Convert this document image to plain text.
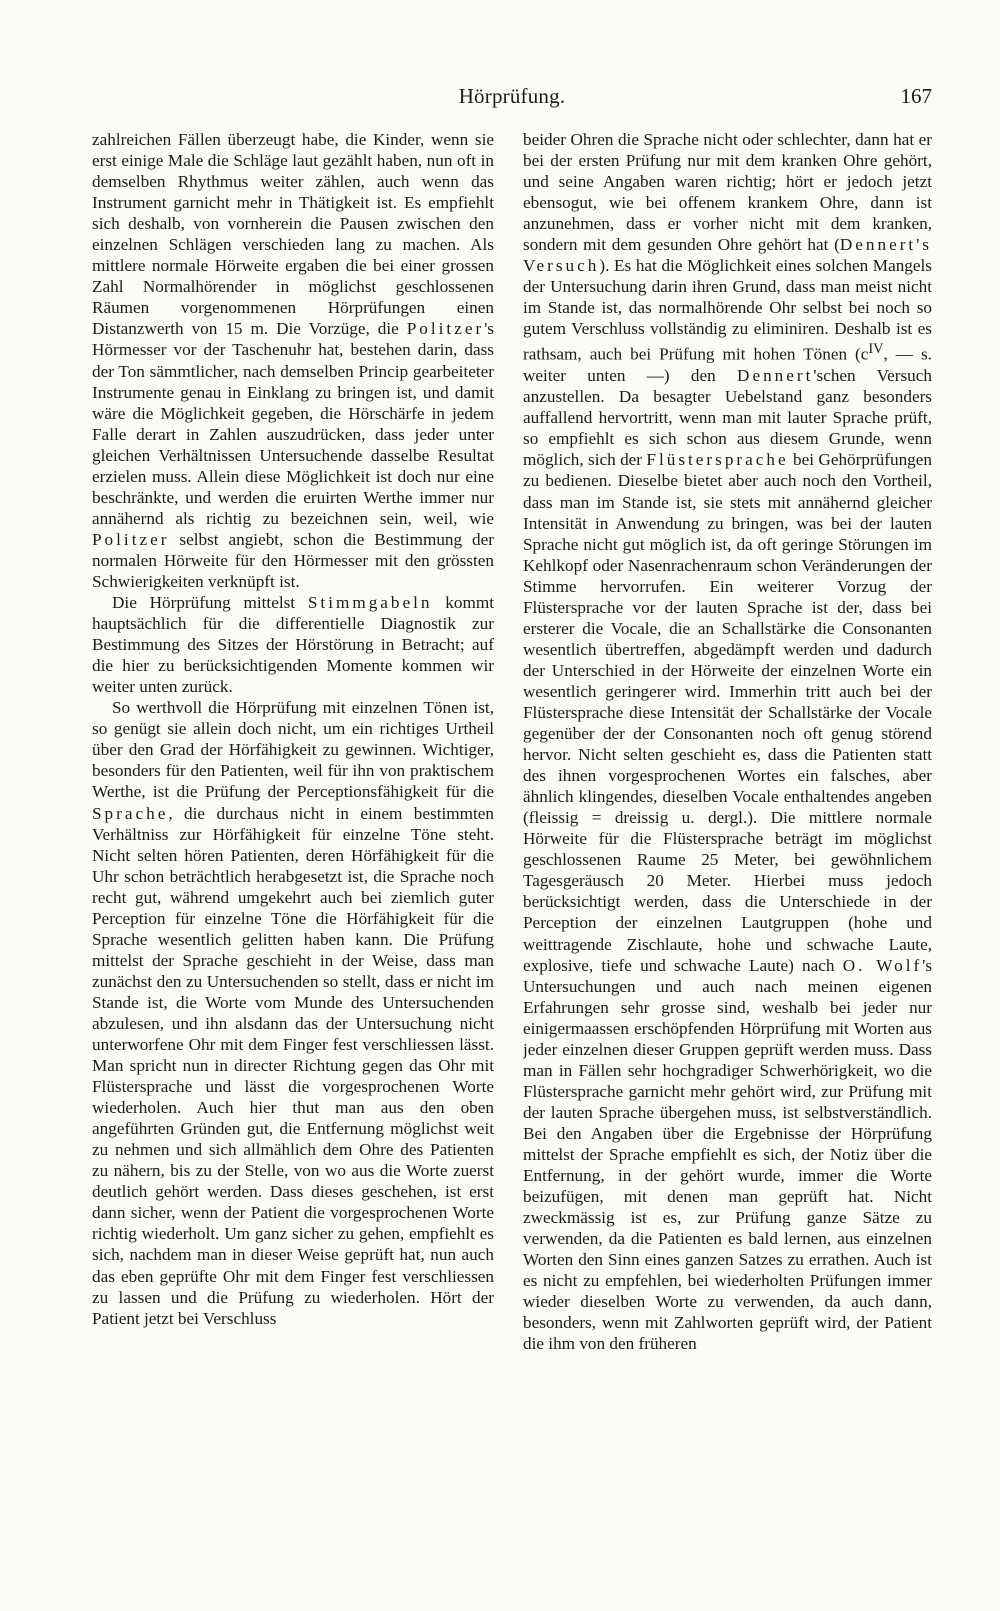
Hörprüfung.	167

zahlreichen Fällen überzeugt habe, die Kinder, wenn sie erst einige Male die Schläge laut gezählt haben, nun oft in demselben Rhythmus weiter zählen, auch wenn das Instrument garnicht mehr in Thätigkeit ist. Es empfiehlt sich deshalb, von vornherein die Pausen zwischen den einzelnen Schlägen verschieden lang zu machen. Als mittlere normale Hörweite ergaben die bei einer grossen Zahl Normalhörender in möglichst geschlossenen Räumen vorgenommenen Hörprüfungen einen Distanzwerth von 15 m. Die Vorzüge, die Politzer's Hörmesser vor der Taschenuhr hat, bestehen darin, dass der Ton sämmtlicher, nach demselben Princip gearbeiteter Instrumente genau in Einklang zu bringen ist, und damit wäre die Möglichkeit gegeben, die Hörschärfe in jedem Falle derart in Zahlen auszudrücken, dass jeder unter gleichen Verhältnissen Untersuchende dasselbe Resultat erzielen muss. Allein diese Möglichkeit ist doch nur eine beschränkte, und werden die eruirten Werthe immer nur annähernd als richtig zu bezeichnen sein, weil, wie Politzer selbst angiebt, schon die Bestimmung der normalen Hörweite für den Hörmesser mit den grössten Schwierigkeiten verknüpft ist.

Die Hörprüfung mittelst Stimmgabeln kommt hauptsächlich für die differentielle Diagnostik zur Bestimmung des Sitzes der Hörstörung in Betracht; auf die hier zu berücksichtigenden Momente kommen wir weiter unten zurück.

So werthvoll die Hörprüfung mit einzelnen Tönen ist, so genügt sie allein doch nicht, um ein richtiges Urtheil über den Grad der Hörfähigkeit zu gewinnen. Wichtiger, besonders für den Patienten, weil für ihn von praktischem Werthe, ist die Prüfung der Perceptionsfähigkeit für die Sprache, die durchaus nicht in einem bestimmten Verhältniss zur Hörfähigkeit für einzelne Töne steht. Nicht selten hören Patienten, deren Hörfähigkeit für die Uhr schon beträchtlich herabgesetzt ist, die Sprache noch recht gut, während umgekehrt auch bei ziemlich guter Perception für einzelne Töne die Hörfähigkeit für die Sprache wesentlich gelitten haben kann. Die Prüfung mittelst der Sprache geschieht in der Weise, dass man zunächst den zu Untersuchenden so stellt, dass er nicht im Stande ist, die Worte vom Munde des Untersuchenden abzulesen, und ihn alsdann das der Untersuchung nicht unterworfene Ohr mit dem Finger fest verschliessen lässt. Man spricht nun in directer Richtung gegen das Ohr mit Flüstersprache und lässt die vorgesprochenen Worte wiederholen. Auch hier thut man aus den oben angeführten Gründen gut, die Entfernung möglichst weit zu nehmen und sich allmählich dem Ohre des Patienten zu nähern, bis zu der Stelle, von wo aus die Worte zuerst deutlich gehört werden. Dass dieses geschehen, ist erst dann sicher, wenn der Patient die vorgesprochenen Worte richtig wiederholt. Um ganz sicher zu gehen, empfiehlt es sich, nachdem man in dieser Weise geprüft hat, nun auch das eben geprüfte Ohr mit dem Finger fest verschliessen zu lassen und die Prüfung zu wiederholen. Hört der Patient jetzt bei Verschluss

beider Ohren die Sprache nicht oder schlechter, dann hat er bei der ersten Prüfung nur mit dem kranken Ohre gehört, und seine Angaben waren richtig; hört er jedoch jetzt ebensogut, wie bei offenem krankem Ohre, dann ist anzunehmen, dass er vorher nicht mit dem kranken, sondern mit dem gesunden Ohre gehört hat (Dennert's Versuch). Es hat die Möglichkeit eines solchen Mangels der Untersuchung darin ihren Grund, dass man meist nicht im Stande ist, das normalhörende Ohr selbst bei noch so gutem Verschluss vollständig zu eliminiren. Deshalb ist es rathsam, auch bei Prüfung mit hohen Tönen ($c^{IV}$, — s. weiter unten —) den Dennert'schen Versuch anzustellen. Da besagter Uebelstand ganz besonders auffallend hervortritt, wenn man mit lauter Sprache prüft, so empfiehlt es sich schon aus diesem Grunde, wenn möglich, sich der Flüstersprache bei Gehörprüfungen zu bedienen. Dieselbe bietet aber auch noch den Vortheil, dass man im Stande ist, sie stets mit annähernd gleicher Intensität in Anwendung zu bringen, was bei der lauten Sprache nicht gut möglich ist, da oft geringe Störungen im Kehlkopf oder Nasenrachenraum schon Veränderungen der Stimme hervorrufen. Ein weiterer Vorzug der Flüstersprache vor der lauten Sprache ist der, dass bei ersterer die Vocale, die an Schallstärke die Consonanten wesentlich übertreffen, abgedämpft werden und dadurch der Unterschied in der Hörweite der einzelnen Worte ein wesentlich geringerer wird. Immerhin tritt auch bei der Flüstersprache diese Intensität der Schallstärke der Vocale gegenüber der der Consonanten noch oft genug störend hervor. Nicht selten geschieht es, dass die Patienten statt des ihnen vorgesprochenen Wortes ein falsches, aber ähnlich klingendes, dieselben Vocale enthaltendes angeben (fleissig = dreissig u. dergl.). Die mittlere normale Hörweite für die Flüstersprache beträgt im möglichst geschlossenen Raume 25 Meter, bei gewöhnlichem Tagesgeräusch 20 Meter. Hierbei muss jedoch berücksichtigt werden, dass die Unterschiede in der Perception der einzelnen Lautgruppen (hohe und weittragende Zischlaute, hohe und schwache Laute, explosive, tiefe und schwache Laute) nach O. Wolf's Untersuchungen und auch nach meinen eigenen Erfahrungen sehr grosse sind, weshalb bei jeder nur einigermaassen erschöpfenden Hörprüfung mit Worten aus jeder einzelnen dieser Gruppen geprüft werden muss. Dass man in Fällen sehr hochgradiger Schwerhörigkeit, wo die Flüstersprache garnicht mehr gehört wird, zur Prüfung mit der lauten Sprache übergehen muss, ist selbstverständlich. Bei den Angaben über die Ergebnisse der Hörprüfung mittelst der Sprache empfiehlt es sich, der Notiz über die Entfernung, in der gehört wurde, immer die Worte beizufügen, mit denen man geprüft hat. Nicht zweckmässig ist es, zur Prüfung ganze Sätze zu verwenden, da die Patienten es bald lernen, aus einzelnen Worten den Sinn eines ganzen Satzes zu errathen. Auch ist es nicht zu empfehlen, bei wiederholten Prüfungen immer wieder dieselben Worte zu verwenden, da auch dann, besonders, wenn mit Zahlworten geprüft wird, der Patient die ihm von den früheren
